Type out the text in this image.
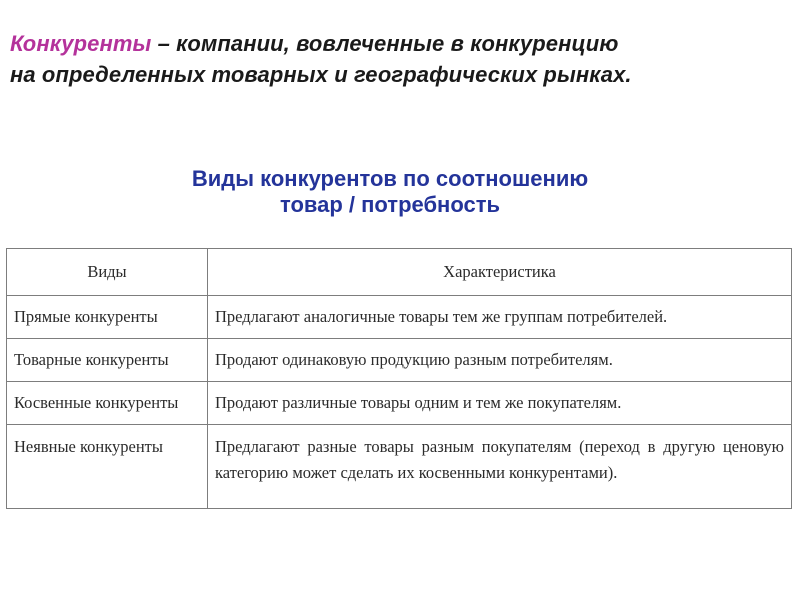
Конкуренты – компании, вовлеченные в конкуренцию
на определенных товарных и географических рынках.
Виды конкурентов по соотношению
товар / потребность
Виды	Характеристика
Прямые конкуренты	Предлагают аналогичные товары тем же группам потребителей.
Товарные конкуренты	Продают одинаковую продукцию разным потребителям.
Косвенные конкуренты	Продают различные товары одним и тем же покупателям.
Неявные конкуренты	Предлагают разные товары разным покупателям (переход в другую ценовую категорию может сделать их косвенными конкурентами).
